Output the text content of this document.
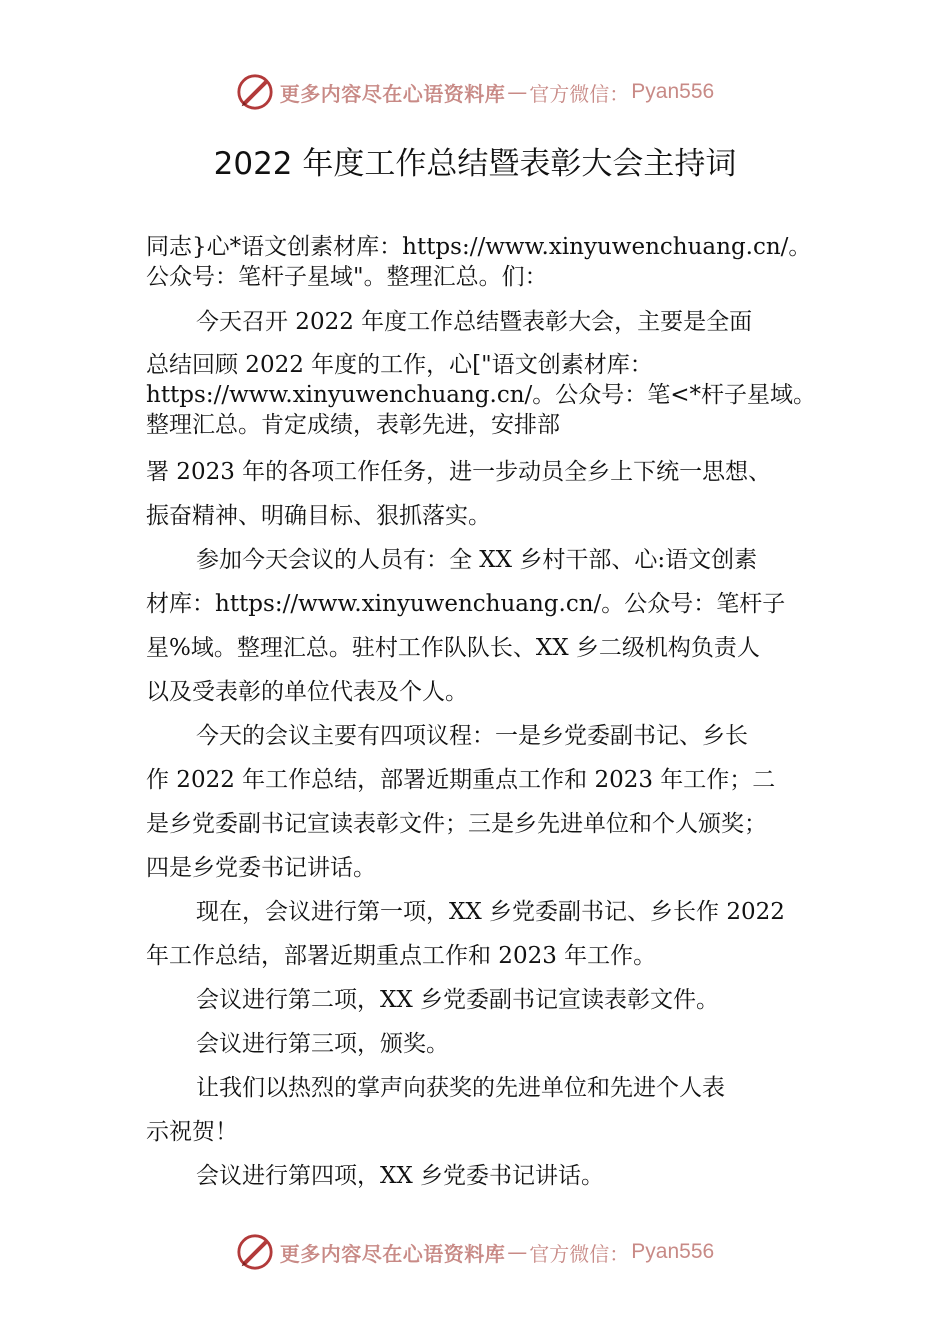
更多内容尽在心语资料库 — 官方微信： Pyan556
2022 年度工作总结暨表彰大会主持词

同志}心*语文创素材库：https://www.xinyuwenchuang.cn/。

公众号：笔杆子星域"。整理汇总。们：

今天召开 2022 年度工作总结暨表彰大会，主要是全面

总结回顾 2022 年度的工作，心["语文创素材库：

https://www.xinyuwenchuang.cn/。公众号：笔<*杆子星域。

整理汇总。肯定成绩，表彰先进，安排部

署 2023 年的各项工作任务，进一步动员全乡上下统一思想、

振奋精神、明确目标、狠抓落实。

参加今天会议的人员有：全 XX 乡村干部、心:语文创素

材库：https://www.xinyuwenchuang.cn/。公众号：笔杆子

星%域。整理汇总。驻村工作队队长、XX 乡二级机构负责人

以及受表彰的单位代表及个人。

今天的会议主要有四项议程：一是乡党委副书记、乡长

作 2022 年工作总结，部署近期重点工作和 2023 年工作；二

是乡党委副书记宣读表彰文件；三是乡先进单位和个人颁奖；

四是乡党委书记讲话。

现在，会议进行第一项，XX 乡党委副书记、乡长作 2022

年工作总结，部署近期重点工作和 2023 年工作。

会议进行第二项，XX 乡党委副书记宣读表彰文件。

会议进行第三项，颁奖。

让我们以热烈的掌声向获奖的先进单位和先进个人表

示祝贺！

会议进行第四项，XX 乡党委书记讲话。

更多内容尽在心语资料库 — 官方微信： Pyan556
